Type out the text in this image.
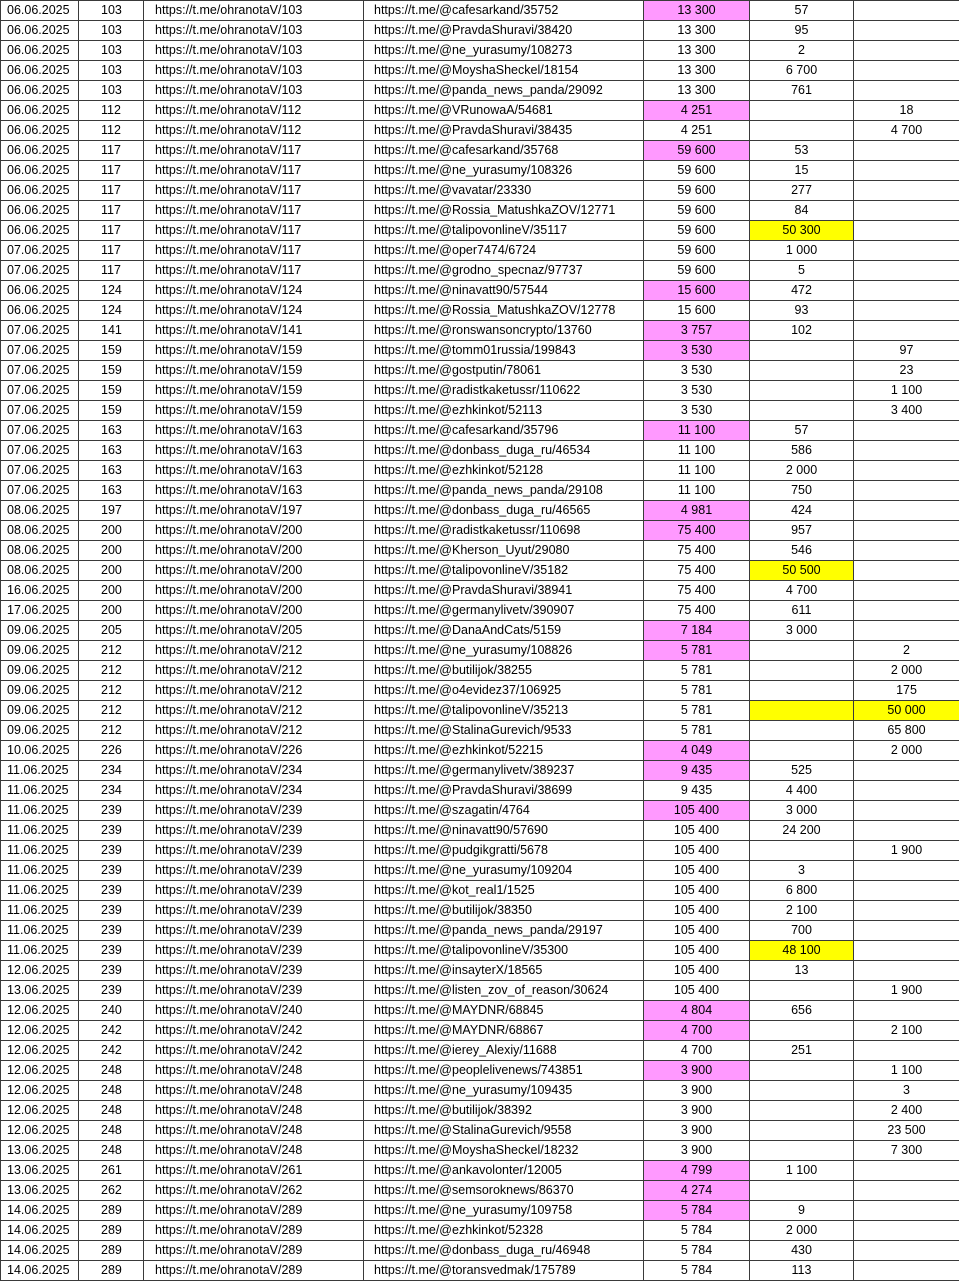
06.06.2025	103	https://t.me/ohranotaV/103	https://t.me/@cafesarkand/35752	13 300	57	
06.06.2025	103	https://t.me/ohranotaV/103	https://t.me/@PravdaShuravi/38420	13 300	95	
06.06.2025	103	https://t.me/ohranotaV/103	https://t.me/@ne_yurasumy/108273	13 300	2	
06.06.2025	103	https://t.me/ohranotaV/103	https://t.me/@MoyshaSheckel/18154	13 300	6 700	
06.06.2025	103	https://t.me/ohranotaV/103	https://t.me/@panda_news_panda/29092	13 300	761	
06.06.2025	112	https://t.me/ohranotaV/112	https://t.me/@VRunowaA/54681	4 251		18
06.06.2025	112	https://t.me/ohranotaV/112	https://t.me/@PravdaShuravi/38435	4 251		4 700
06.06.2025	117	https://t.me/ohranotaV/117	https://t.me/@cafesarkand/35768	59 600	53	
06.06.2025	117	https://t.me/ohranotaV/117	https://t.me/@ne_yurasumy/108326	59 600	15	
06.06.2025	117	https://t.me/ohranotaV/117	https://t.me/@vavatar/23330	59 600	277	
06.06.2025	117	https://t.me/ohranotaV/117	https://t.me/@Rossia_MatushkaZOV/12771	59 600	84	
06.06.2025	117	https://t.me/ohranotaV/117	https://t.me/@talipovonlineV/35117	59 600	50 300	
07.06.2025	117	https://t.me/ohranotaV/117	https://t.me/@oper7474/6724	59 600	1 000	
07.06.2025	117	https://t.me/ohranotaV/117	https://t.me/@grodno_specnaz/97737	59 600	5	
06.06.2025	124	https://t.me/ohranotaV/124	https://t.me/@ninavatt90/57544	15 600	472	
06.06.2025	124	https://t.me/ohranotaV/124	https://t.me/@Rossia_MatushkaZOV/12778	15 600	93	
07.06.2025	141	https://t.me/ohranotaV/141	https://t.me/@ronswansoncrypto/13760	3 757	102	
07.06.2025	159	https://t.me/ohranotaV/159	https://t.me/@tomm01russia/199843	3 530		97
07.06.2025	159	https://t.me/ohranotaV/159	https://t.me/@gostputin/78061	3 530		23
07.06.2025	159	https://t.me/ohranotaV/159	https://t.me/@radistkaketussr/110622	3 530		1 100
07.06.2025	159	https://t.me/ohranotaV/159	https://t.me/@ezhkinkot/52113	3 530		3 400
07.06.2025	163	https://t.me/ohranotaV/163	https://t.me/@cafesarkand/35796	11 100	57	
07.06.2025	163	https://t.me/ohranotaV/163	https://t.me/@donbass_duga_ru/46534	11 100	586	
07.06.2025	163	https://t.me/ohranotaV/163	https://t.me/@ezhkinkot/52128	11 100	2 000	
07.06.2025	163	https://t.me/ohranotaV/163	https://t.me/@panda_news_panda/29108	11 100	750	
08.06.2025	197	https://t.me/ohranotaV/197	https://t.me/@donbass_duga_ru/46565	4 981	424	
08.06.2025	200	https://t.me/ohranotaV/200	https://t.me/@radistkaketussr/110698	75 400	957	
08.06.2025	200	https://t.me/ohranotaV/200	https://t.me/@Kherson_Uyut/29080	75 400	546	
08.06.2025	200	https://t.me/ohranotaV/200	https://t.me/@talipovonlineV/35182	75 400	50 500	
16.06.2025	200	https://t.me/ohranotaV/200	https://t.me/@PravdaShuravi/38941	75 400	4 700	
17.06.2025	200	https://t.me/ohranotaV/200	https://t.me/@germanylivetv/390907	75 400	611	
09.06.2025	205	https://t.me/ohranotaV/205	https://t.me/@DanaAndCats/5159	7 184	3 000	
09.06.2025	212	https://t.me/ohranotaV/212	https://t.me/@ne_yurasumy/108826	5 781		2
09.06.2025	212	https://t.me/ohranotaV/212	https://t.me/@butilijok/38255	5 781		2 000
09.06.2025	212	https://t.me/ohranotaV/212	https://t.me/@o4evidez37/106925	5 781		175
09.06.2025	212	https://t.me/ohranotaV/212	https://t.me/@talipovonlineV/35213	5 781		50 000
09.06.2025	212	https://t.me/ohranotaV/212	https://t.me/@StalinaGurevich/9533	5 781		65 800
10.06.2025	226	https://t.me/ohranotaV/226	https://t.me/@ezhkinkot/52215	4 049		2 000
11.06.2025	234	https://t.me/ohranotaV/234	https://t.me/@germanylivetv/389237	9 435	525	
11.06.2025	234	https://t.me/ohranotaV/234	https://t.me/@PravdaShuravi/38699	9 435	4 400	
11.06.2025	239	https://t.me/ohranotaV/239	https://t.me/@szagatin/4764	105 400	3 000	
11.06.2025	239	https://t.me/ohranotaV/239	https://t.me/@ninavatt90/57690	105 400	24 200	
11.06.2025	239	https://t.me/ohranotaV/239	https://t.me/@pudgikgratti/5678	105 400		1 900
11.06.2025	239	https://t.me/ohranotaV/239	https://t.me/@ne_yurasumy/109204	105 400	3	
11.06.2025	239	https://t.me/ohranotaV/239	https://t.me/@kot_real1/1525	105 400	6 800	
11.06.2025	239	https://t.me/ohranotaV/239	https://t.me/@butilijok/38350	105 400	2 100	
11.06.2025	239	https://t.me/ohranotaV/239	https://t.me/@panda_news_panda/29197	105 400	700	
11.06.2025	239	https://t.me/ohranotaV/239	https://t.me/@talipovonlineV/35300	105 400	48 100	
12.06.2025	239	https://t.me/ohranotaV/239	https://t.me/@insayterX/18565	105 400	13	
13.06.2025	239	https://t.me/ohranotaV/239	https://t.me/@listen_zov_of_reason/30624	105 400		1 900
12.06.2025	240	https://t.me/ohranotaV/240	https://t.me/@MAYDNR/68845	4 804	656	
12.06.2025	242	https://t.me/ohranotaV/242	https://t.me/@MAYDNR/68867	4 700		2 100
12.06.2025	242	https://t.me/ohranotaV/242	https://t.me/@ierey_Alexiy/11688	4 700	251	
12.06.2025	248	https://t.me/ohranotaV/248	https://t.me/@peoplelivenews/743851	3 900		1 100
12.06.2025	248	https://t.me/ohranotaV/248	https://t.me/@ne_yurasumy/109435	3 900		3
12.06.2025	248	https://t.me/ohranotaV/248	https://t.me/@butilijok/38392	3 900		2 400
12.06.2025	248	https://t.me/ohranotaV/248	https://t.me/@StalinaGurevich/9558	3 900		23 500
13.06.2025	248	https://t.me/ohranotaV/248	https://t.me/@MoyshaSheckel/18232	3 900		7 300
13.06.2025	261	https://t.me/ohranotaV/261	https://t.me/@ankavolonter/12005	4 799	1 100	
13.06.2025	262	https://t.me/ohranotaV/262	https://t.me/@semsoroknews/86370	4 274		
14.06.2025	289	https://t.me/ohranotaV/289	https://t.me/@ne_yurasumy/109758	5 784	9	
14.06.2025	289	https://t.me/ohranotaV/289	https://t.me/@ezhkinkot/52328	5 784	2 000	
14.06.2025	289	https://t.me/ohranotaV/289	https://t.me/@donbass_duga_ru/46948	5 784	430	
14.06.2025	289	https://t.me/ohranotaV/289	https://t.me/@toransvedmak/175789	5 784	113	
